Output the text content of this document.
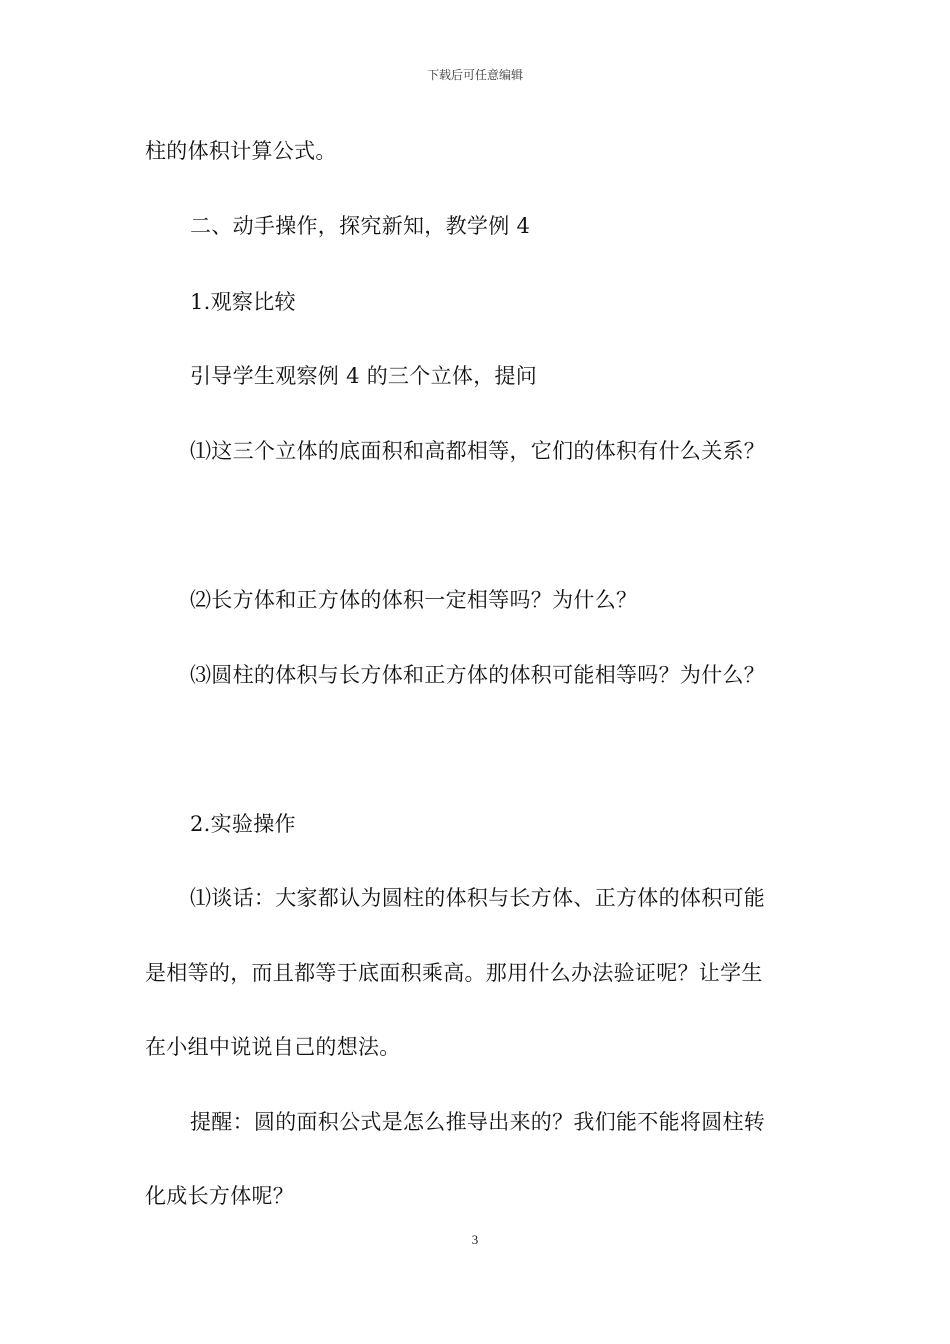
下载后可任意编辑
柱的体积计算公式。
二、动手操作，探究新知，教学例 4
1.观察比较
引导学生观察例 4 的三个立体，提问
⑴这三个立体的底面积和高都相等，它们的体积有什么关系？
⑵长方体和正方体的体积一定相等吗？为什么？
⑶圆柱的体积与长方体和正方体的体积可能相等吗？为什么？
2.实验操作
⑴谈话：大家都认为圆柱的体积与长方体、正方体的体积可能
是相等的，而且都等于底面积乘高。那用什么办法验证呢？让学生
在小组中说说自己的想法。
提醒：圆的面积公式是怎么推导出来的？我们能不能将圆柱转
化成长方体呢？
3
